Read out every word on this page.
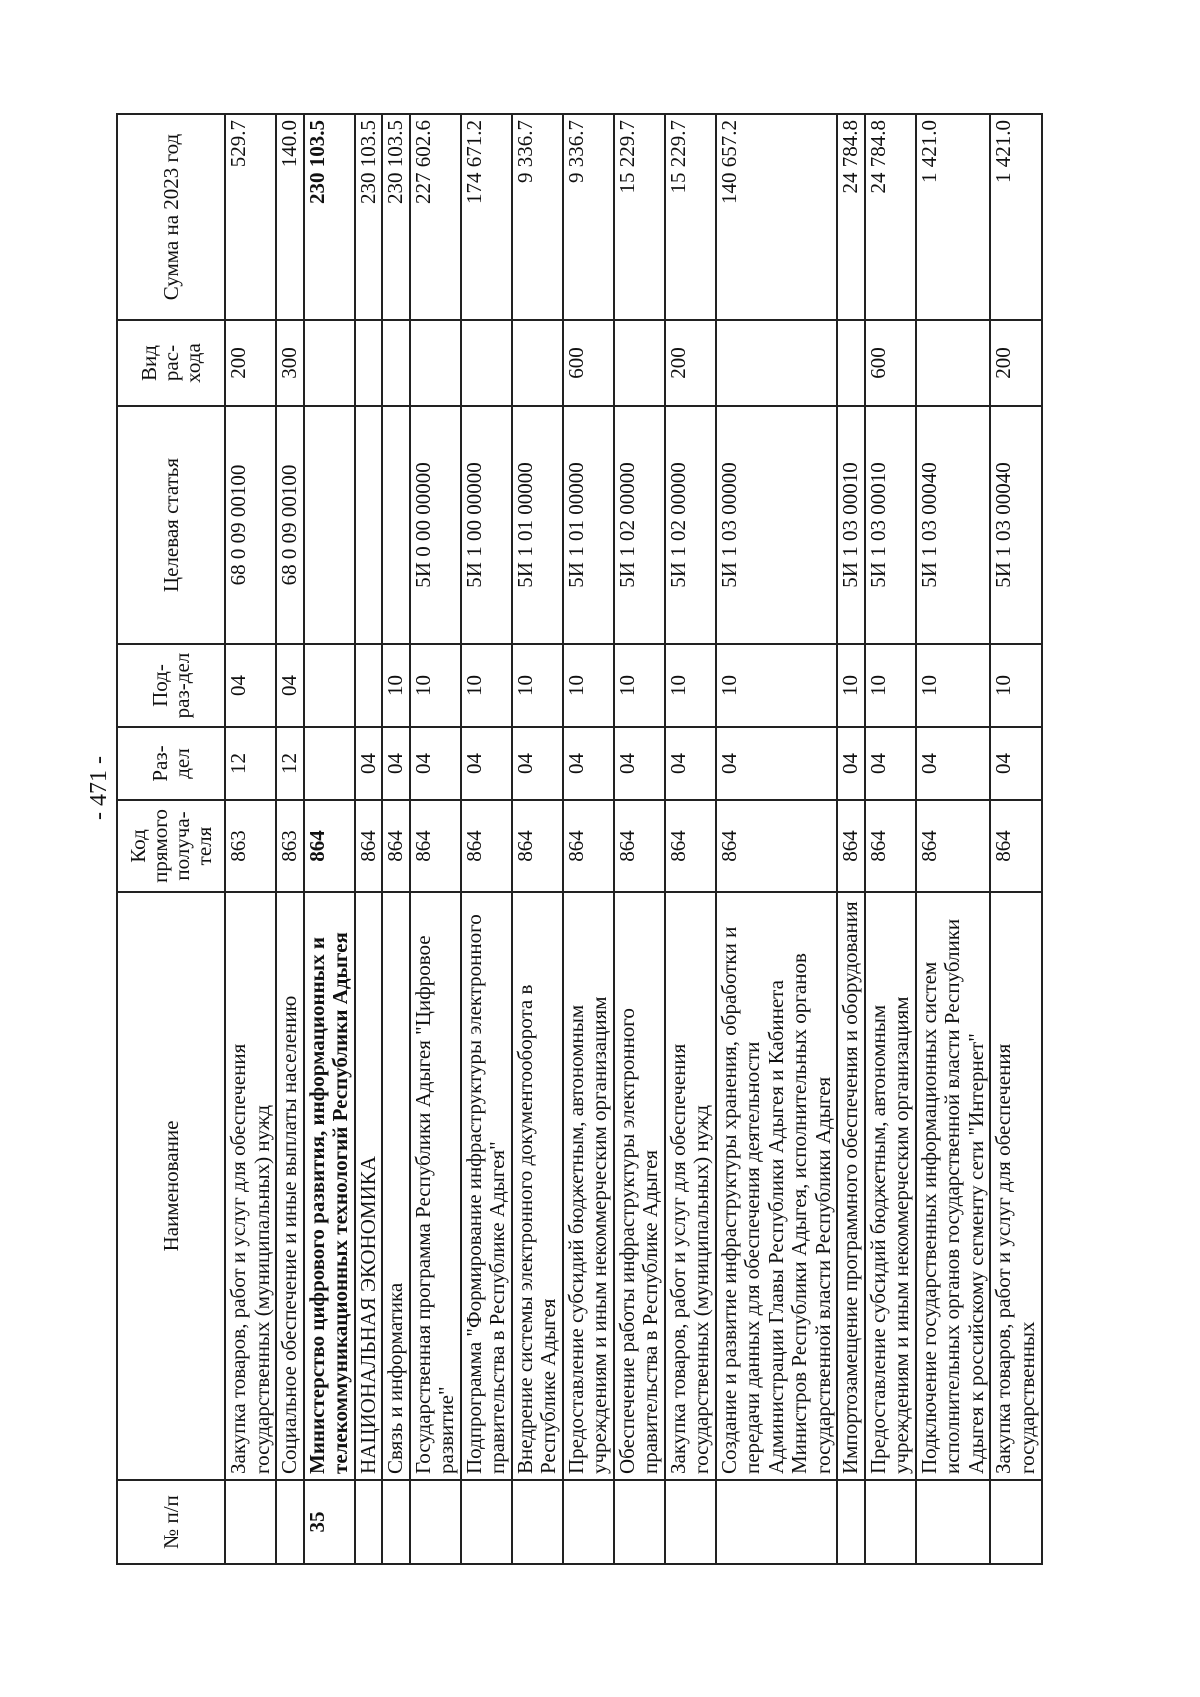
- 471 -
№ п/п	Наименование	Код прямого получа-теля	Раз-дел	Под-раз-дел	Целевая статья	Вид рас-хода	Сумма на 2023 год
	Закупка товаров, работ и услуг для обеспечения государственных (муниципальных) нужд	863	12	04	68 0 09 00100	200	529.7
	Социальное обеспечение и иные выплаты населению	863	12	04	68 0 09 00100	300	140.0
35	Министерство цифрового развития, информационных и телекоммуникационных технологий Республики Адыгея	864					230 103.5
	НАЦИОНАЛЬНАЯ ЭКОНОМИКА	864	04				230 103.5
	Связь и информатика	864	04	10			230 103.5
	Государственная программа Республики Адыгея "Цифровое развитие"	864	04	10	5И 0 00 00000		227 602.6
	Подпрограмма "Формирование инфраструктуры электронного правительства в Республике Адыгея"	864	04	10	5И 1 00 00000		174 671.2
	Внедрение системы электронного документооборота в Республике Адыгея	864	04	10	5И 1 01 00000		9 336.7
	Предоставление субсидий бюджетным, автономным учреждениям и иным некоммерческим организациям	864	04	10	5И 1 01 00000	600	9 336.7
	Обеспечение работы инфраструктуры электронного правительства в Республике Адыгея	864	04	10	5И 1 02 00000		15 229.7
	Закупка товаров, работ и услуг для обеспечения государственных (муниципальных) нужд	864	04	10	5И 1 02 00000	200	15 229.7
	Создание и развитие инфраструктуры хранения, обработки и передачи данных для обеспечения деятельности Администрации Главы Республики Адыгея и Кабинета Министров Республики Адыгея, исполнительных органов государственной власти Республики Адыгея	864	04	10	5И 1 03 00000		140 657.2
	Импортозамещение программного обеспечения и оборудования	864	04	10	5И 1 03 00010		24 784.8
	Предоставление субсидий бюджетным, автономным учреждениям и иным некоммерческим организациям	864	04	10	5И 1 03 00010	600	24 784.8
	Подключение государственных информационных систем исполнительных органов государственной власти Республики Адыгея к российскому сегменту сети "Интернет"	864	04	10	5И 1 03 00040		1 421.0
	Закупка товаров, работ и услуг для обеспечения государственных	864	04	10	5И 1 03 00040	200	1 421.0
